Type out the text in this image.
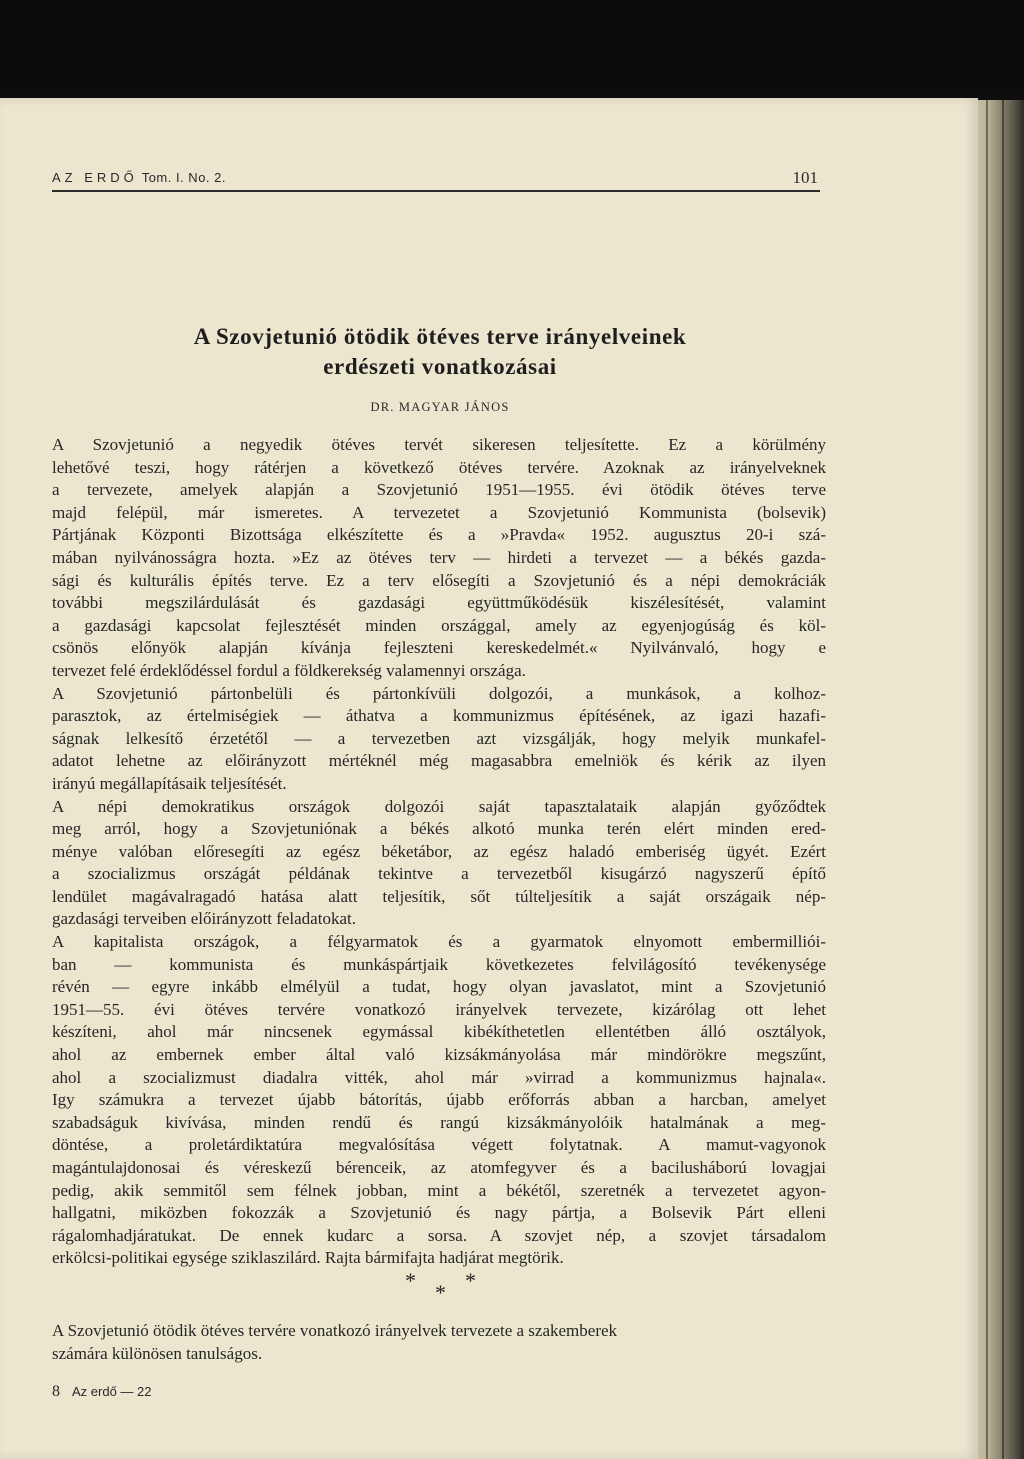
AZ ERDŐ Tom. I. No. 2.	101
A Szovjetunió ötödik ötéves terve irányelveinek
erdészeti vonatkozásai
DR. MAGYAR JÁNOS
A Szovjetunió a negyedik ötéves tervét sikeresen teljesítette. Ez a körülmény
lehetővé teszi, hogy rátérjen a következő ötéves tervére. Azoknak az irányelveknek
a tervezete, amelyek alapján a Szovjetunió 1951—1955. évi ötödik ötéves terve
majd felépül, már ismeretes. A tervezetet a Szovjetunió Kommunista (bolsevik)
Pártjának Központi Bizottsága elkészítette és a »Pravda« 1952. augusztus 20-i szá-
mában nyilvánosságra hozta. »Ez az ötéves terv — hirdeti a tervezet — a békés gazda-
sági és kulturális építés terve. Ez a terv elősegíti a Szovjetunió és a népi demokráciák
további megszilárdulását és gazdasági együttműködésük kiszélesítését, valamint
a gazdasági kapcsolat fejlesztését minden országgal, amely az egyenjogúság és köl-
csönös előnyök alapján kívánja fejleszteni kereskedelmét.« Nyilvánvaló, hogy e
tervezet felé érdeklődéssel fordul a földkerekség valamennyi országa.
A Szovjetunió pártonbelüli és pártonkívüli dolgozói, a munkások, a kolhoz-
parasztok, az értelmiségiek — áthatva a kommunizmus építésének, az igazi hazafi-
ságnak lelkesítő érzetétől — a tervezetben azt vizsgálják, hogy melyik munkafel-
adatot lehetne az előirányzott mértéknél még magasabbra emelniök és kérik az ilyen
irányú megállapításaik teljesítését.
A népi demokratikus országok dolgozói saját tapasztalataik alapján győződtek
meg arról, hogy a Szovjetuniónak a békés alkotó munka terén elért minden ered-
ménye valóban előresegíti az egész béketábor, az egész haladó emberiség ügyét. Ezért
a szocializmus országát példának tekintve a tervezetből kisugárzó nagyszerű építő
lendület magávalragadó hatása alatt teljesítik, sőt túlteljesítik a saját országaik nép-
gazdasági terveiben előirányzott feladatokat.
A kapitalista országok, a félgyarmatok és a gyarmatok elnyomott embermilliói-
ban — kommunista és munkáspártjaik következetes felvilágosító tevékenysége
révén — egyre inkább elmélyül a tudat, hogy olyan javaslatot, mint a Szovjetunió
1951—55. évi ötéves tervére vonatkozó irányelvek tervezete, kizárólag ott lehet
készíteni, ahol már nincsenek egymással kibékíthetetlen ellentétben álló osztályok,
ahol az embernek ember által való kizsákmányolása már mindörökre megszűnt,
ahol a szocializmust diadalra vitték, ahol már »virrad a kommunizmus hajnala«.
Igy számukra a tervezet újabb bátorítás, újabb erőforrás abban a harcban, amelyet
szabadságuk kivívása, minden rendű és rangú kizsákmányolóik hatalmának a meg-
döntése, a proletárdiktatúra megvalósítása végett folytatnak. A mamut-vagyonok
magántulajdonosai és véreskezű bérenceik, az atomfegyver és a bacilusháború lovagjai
pedig, akik semmitől sem félnek jobban, mint a békétől, szeretnék a tervezetet agyon-
hallgatni, miközben fokozzák a Szovjetunió és nagy pártja, a Bolsevik Párt elleni
rágalomhadjáratukat. De ennek kudarc a sorsa. A szovjet nép, a szovjet társadalom
erkölcsi-politikai egysége sziklaszilárd. Rajta bármifajta hadjárat megtörik.
* *
*
A Szovjetunió ötödik ötéves tervére vonatkozó irányelvek tervezete a szakemberek
számára különösen tanulságos.
8 Az erdő — 22
